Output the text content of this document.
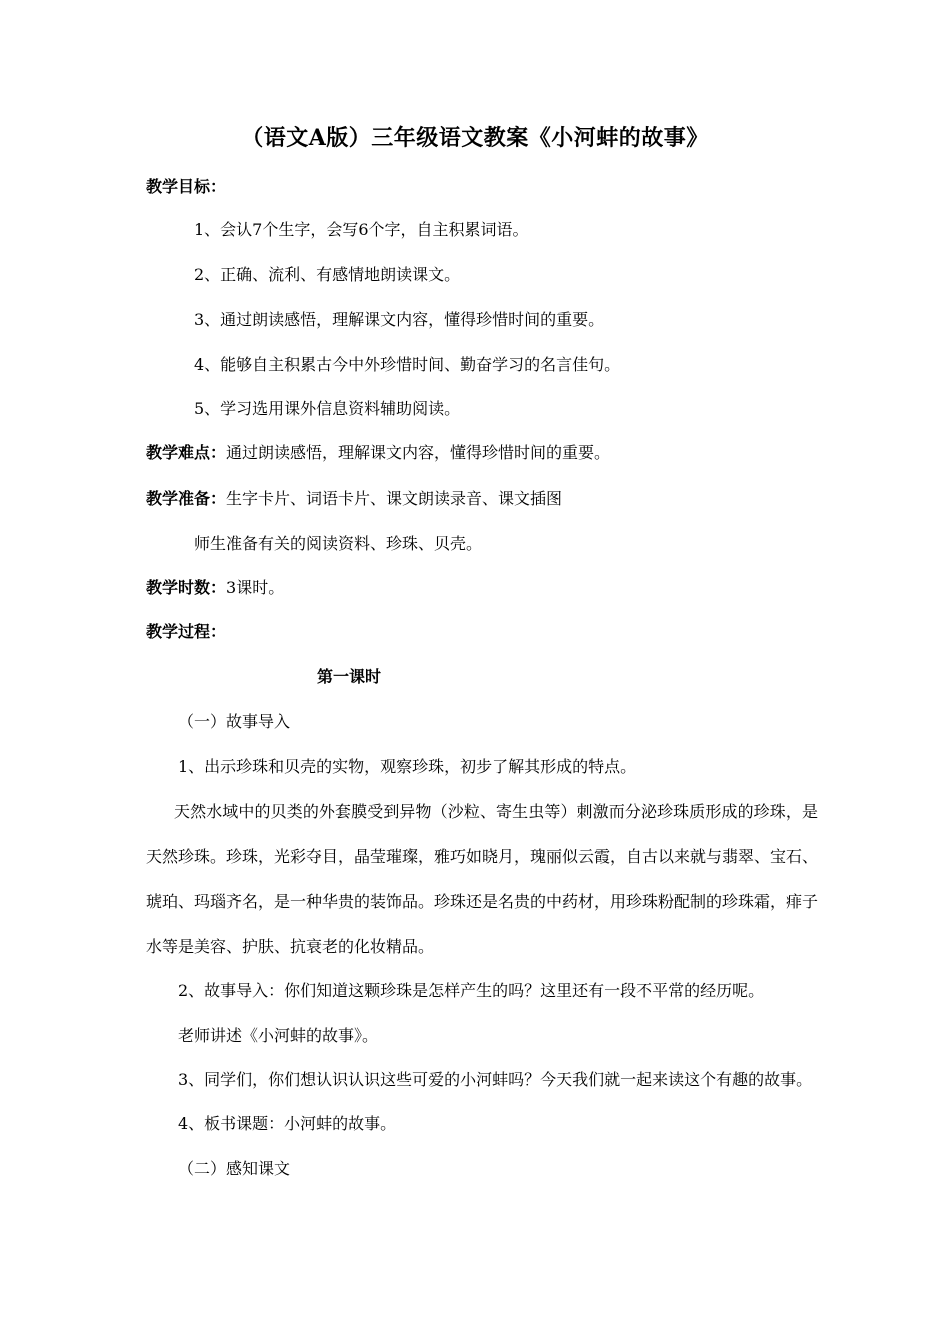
（语文A版）三年级语文教案《小河蚌的故事》
教学目标：
1、会认7个生字，会写6个字，自主积累词语。
2、正确、流利、有感情地朗读课文。
3、通过朗读感悟，理解课文内容，懂得珍惜时间的重要。
4、能够自主积累古今中外珍惜时间、勤奋学习的名言佳句。
5、学习选用课外信息资料辅助阅读。
教学难点：通过朗读感悟，理解课文内容，懂得珍惜时间的重要。
教学准备：生字卡片、词语卡片、课文朗读录音、课文插图
师生准备有关的阅读资料、珍珠、贝壳。
教学时数：3课时。
教学过程：
第一课时
（一）故事导入
1、出示珍珠和贝壳的实物，观察珍珠，初步了解其形成的特点。
天然水域中的贝类的外套膜受到异物（沙粒、寄生虫等）刺激而分泌珍珠质形成的珍珠，是天然珍珠。珍珠，光彩夺目，晶莹璀璨，雅巧如晓月，瑰丽似云霞，自古以来就与翡翠、宝石、琥珀、玛瑙齐名，是一种华贵的装饰品。珍珠还是名贵的中药材，用珍珠粉配制的珍珠霜，痱子水等是美容、护肤、抗衰老的化妆精品。
2、故事导入：你们知道这颗珍珠是怎样产生的吗？这里还有一段不平常的经历呢。
老师讲述《小河蚌的故事》。
3、同学们，你们想认识认识这些可爱的小河蚌吗？今天我们就一起来读这个有趣的故事。
4、板书课题：小河蚌的故事。
（二）感知课文
